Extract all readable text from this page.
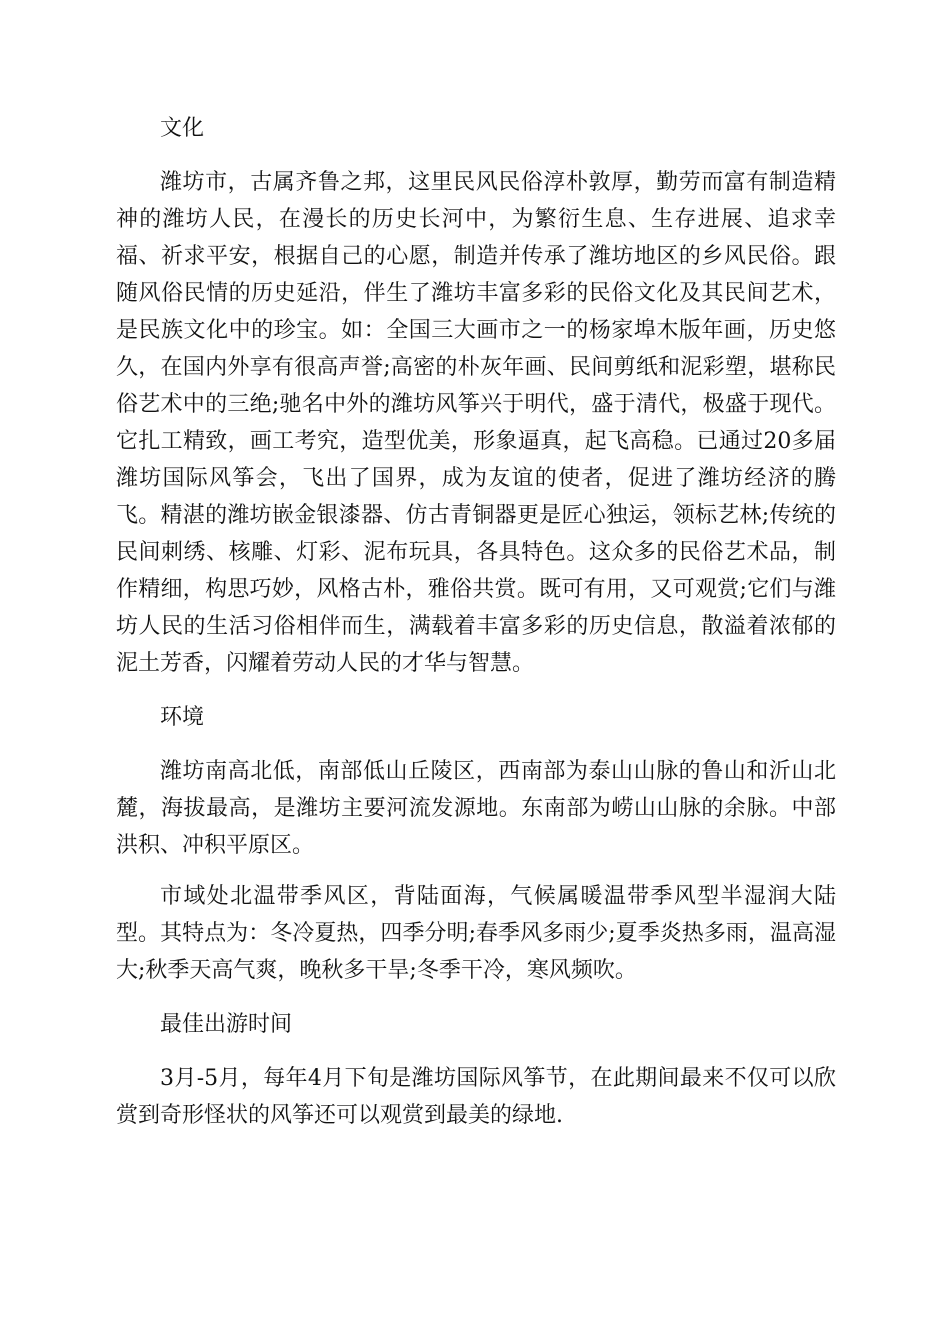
文化

潍坊市，古属齐鲁之邦，这里民风民俗淳朴敦厚，勤劳而富有制造精神的潍坊人民，在漫长的历史长河中，为繁衍生息、生存进展、追求幸福、祈求平安，根据自己的心愿，制造并传承了潍坊地区的乡风民俗。跟随风俗民情的历史延沿，伴生了潍坊丰富多彩的民俗文化及其民间艺术，是民族文化中的珍宝。如：全国三大画市之一的杨家埠木版年画，历史悠久，在国内外享有很高声誉;高密的朴灰年画、民间剪纸和泥彩塑，堪称民俗艺术中的三绝;驰名中外的潍坊风筝兴于明代，盛于清代，极盛于现代。它扎工精致，画工考究，造型优美，形象逼真，起飞高稳。已通过20多届潍坊国际风筝会，飞出了国界，成为友谊的使者，促进了潍坊经济的腾飞。精湛的潍坊嵌金银漆器、仿古青铜器更是匠心独运，领标艺林;传统的民间刺绣、核雕、灯彩、泥布玩具，各具特色。这众多的民俗艺术品，制作精细，构思巧妙，风格古朴，雅俗共赏。既可有用，又可观赏;它们与潍坊人民的生活习俗相伴而生，满载着丰富多彩的历史信息，散溢着浓郁的泥土芳香，闪耀着劳动人民的才华与智慧。

环境

潍坊南高北低，南部低山丘陵区，西南部为泰山山脉的鲁山和沂山北麓，海拔最高，是潍坊主要河流发源地。东南部为崂山山脉的余脉。中部洪积、冲积平原区。

市域处北温带季风区，背陆面海，气候属暖温带季风型半湿润大陆型。其特点为：冬冷夏热，四季分明;春季风多雨少;夏季炎热多雨，温高湿大;秋季天高气爽，晚秋多干旱;冬季干冷，寒风频吹。

最佳出游时间

3月-5月，每年4月下旬是潍坊国际风筝节，在此期间最来不仅可以欣赏到奇形怪状的风筝还可以观赏到最美的绿地.
